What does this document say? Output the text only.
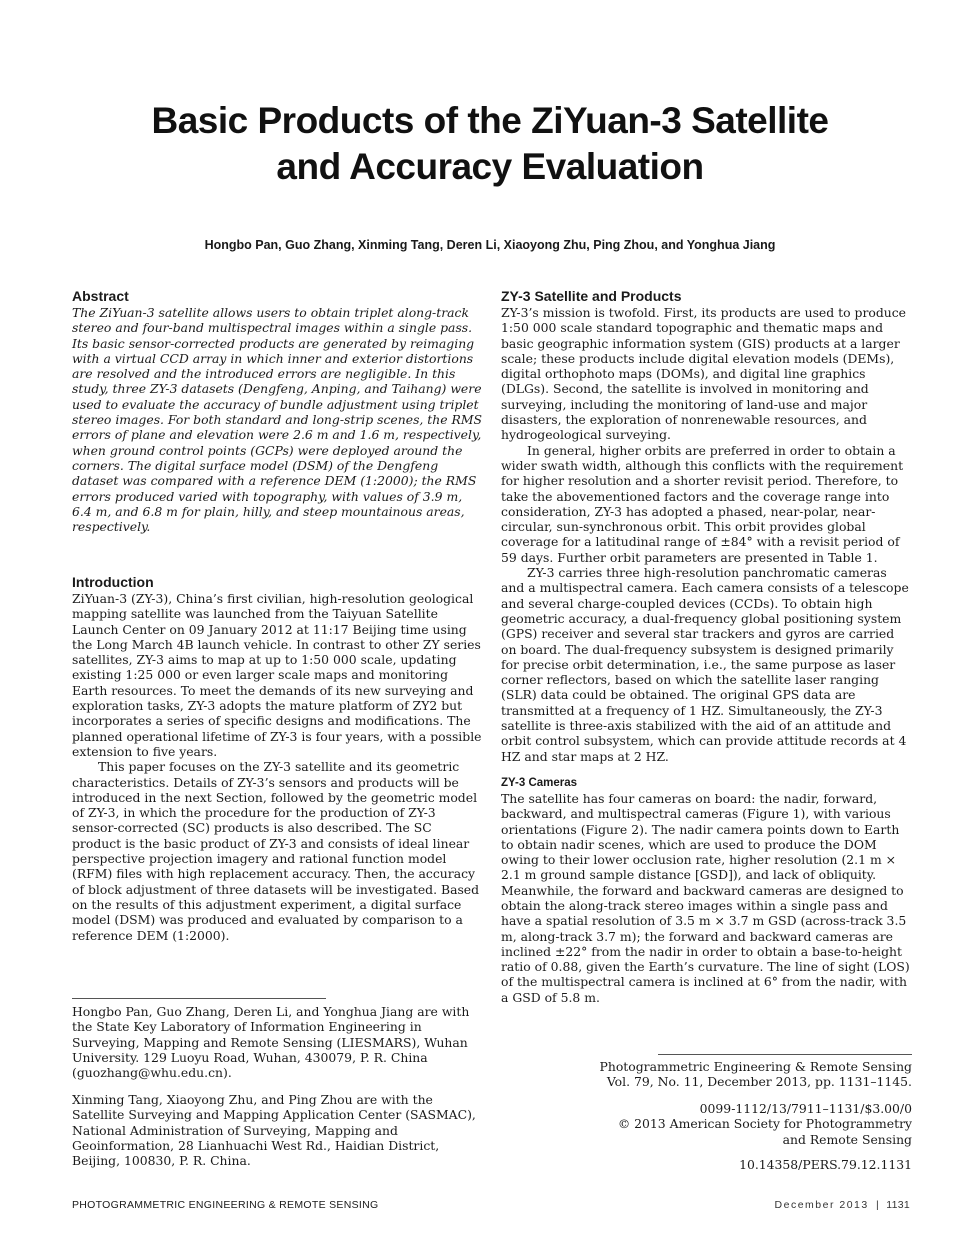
Basic Products of the ZiYuan-3 Satellite
and Accuracy Evaluation
Hongbo Pan, Guo Zhang, Xinming Tang, Deren Li, Xiaoyong Zhu, Ping Zhou, and Yonghua Jiang
Abstract

The ZiYuan-3 satellite allows users to obtain triplet along-track stereo and four-band multispectral images within a single pass. Its basic sensor-corrected products are generated by reimaging with a virtual CCD array in which inner and exterior distortions are resolved and the introduced errors are negligible. In this study, three ZY-3 datasets (Dengfeng, Anping, and Taihang) were used to evaluate the accuracy of bundle adjustment using triplet stereo images. For both standard and long-strip scenes, the RMS errors of plane and elevation were 2.6 m and 1.6 m, respectively, when ground control points (GCPs) were deployed around the corners. The digital surface model (DSM) of the Dengfeng dataset was compared with a reference DEM (1:2000); the RMS errors produced varied with topography, with values of 3.9 m, 6.4 m, and 6.8 m for plain, hilly, and steep mountainous areas, respectively.

Introduction

ZiYuan-3 (ZY-3), China’s first civilian, high-resolution geological mapping satellite was launched from the Taiyuan Satellite Launch Center on 09 January 2012 at 11:17 Beijing time using the Long March 4B launch vehicle. In contrast to other ZY series satellites, ZY-3 aims to map at up to 1:50 000 scale, updating existing 1:25 000 or even larger scale maps and monitoring Earth resources. To meet the demands of its new surveying and exploration tasks, ZY-3 adopts the mature platform of ZY2 but incorporates a series of specific designs and modifications. The planned operational lifetime of ZY-3 is four years, with a possible extension to five years.

This paper focuses on the ZY-3 satellite and its geometric characteristics. Details of ZY-3’s sensors and products will be introduced in the next Section, followed by the geometric model of ZY-3, in which the procedure for the production of ZY-3 sensor-corrected (SC) products is also described. The SC product is the basic product of ZY-3 and consists of ideal linear perspective projection imagery and rational function model (RFM) files with high replacement accuracy. Then, the accuracy of block adjustment of three datasets will be investigated. Based on the results of this adjustment experiment, a digital surface model (DSM) was produced and evaluated by comparison to a reference DEM (1:2000).

Hongbo Pan, Guo Zhang, Deren Li, and Yonghua Jiang are with the State Key Laboratory of Information Engineering in Surveying, Mapping and Remote Sensing (LIESMARS), Wuhan University. 129 Luoyu Road, Wuhan, 430079, P. R. China (guozhang@whu.edu.cn).
Xinming Tang, Xiaoyong Zhu, and Ping Zhou are with the Satellite Surveying and Mapping Application Center (SASMAC), National Administration of Surveying, Mapping and Geoinformation, 28 Lianhuachi West Rd., Haidian District, Beijing, 100830, P. R. China.
ZY-3 Satellite and Products

ZY-3’s mission is twofold. First, its products are used to produce 1:50 000 scale standard topographic and thematic maps and basic geographic information system (GIS) products at a larger scale; these products include digital elevation models (DEMs), digital orthophoto maps (DOMs), and digital line graphics (DLGs). Second, the satellite is involved in monitoring and surveying, including the monitoring of land-use and major disasters, the exploration of nonrenewable resources, and hydrogeological surveying.

In general, higher orbits are preferred in order to obtain a wider swath width, although this conflicts with the requirement for higher resolution and a shorter revisit period. Therefore, to take the abovementioned factors and the coverage range into consideration, ZY-3 has adopted a phased, near-polar, near-circular, sun-synchronous orbit. This orbit provides global coverage for a latitudinal range of ±84° with a revisit period of 59 days. Further orbit parameters are presented in Table 1.

ZY-3 carries three high-resolution panchromatic cameras and a multispectral camera. Each camera consists of a telescope and several charge-coupled devices (CCDs). To obtain high geometric accuracy, a dual-frequency global positioning system (GPS) receiver and several star trackers and gyros are carried on board. The dual-frequency subsystem is designed primarily for precise orbit determination, i.e., the same purpose as laser corner reflectors, based on which the satellite laser ranging (SLR) data could be obtained. The original GPS data are transmitted at a frequency of 1 HZ. Simultaneously, the ZY-3 satellite is three-axis stabilized with the aid of an attitude and orbit control subsystem, which can provide attitude records at 4 HZ and star maps at 2 HZ.

ZY-3 Cameras

The satellite has four cameras on board: the nadir, forward, backward, and multispectral cameras (Figure 1), with various orientations (Figure 2). The nadir camera points down to Earth to obtain nadir scenes, which are used to produce the DOM owing to their lower occlusion rate, higher resolution (2.1 m × 2.1 m ground sample distance [GSD]), and lack of obliquity. Meanwhile, the forward and backward cameras are designed to obtain the along-track stereo images within a single pass and have a spatial resolution of 3.5 m × 3.7 m GSD (across-track 3.5 m, along-track 3.7 m); the forward and backward cameras are inclined ±22° from the nadir in order to obtain a base-to-height ratio of 0.88, given the Earth’s curvature. The line of sight (LOS) of the multispectral camera is inclined at 6° from the nadir, with a GSD of 5.8 m.

Photogrammetric Engineering & Remote Sensing
Vol. 79, No. 11, December 2013, pp. 1131–1145.
0099-1112/13/7911–1131/$3.00/0
© 2013 American Society for Photogrammetry
and Remote Sensing
10.14358/PERS.79.12.1131
PHOTOGRAMMETRIC ENGINEERING & REMOTE SENSING	December 2013 | 1131
